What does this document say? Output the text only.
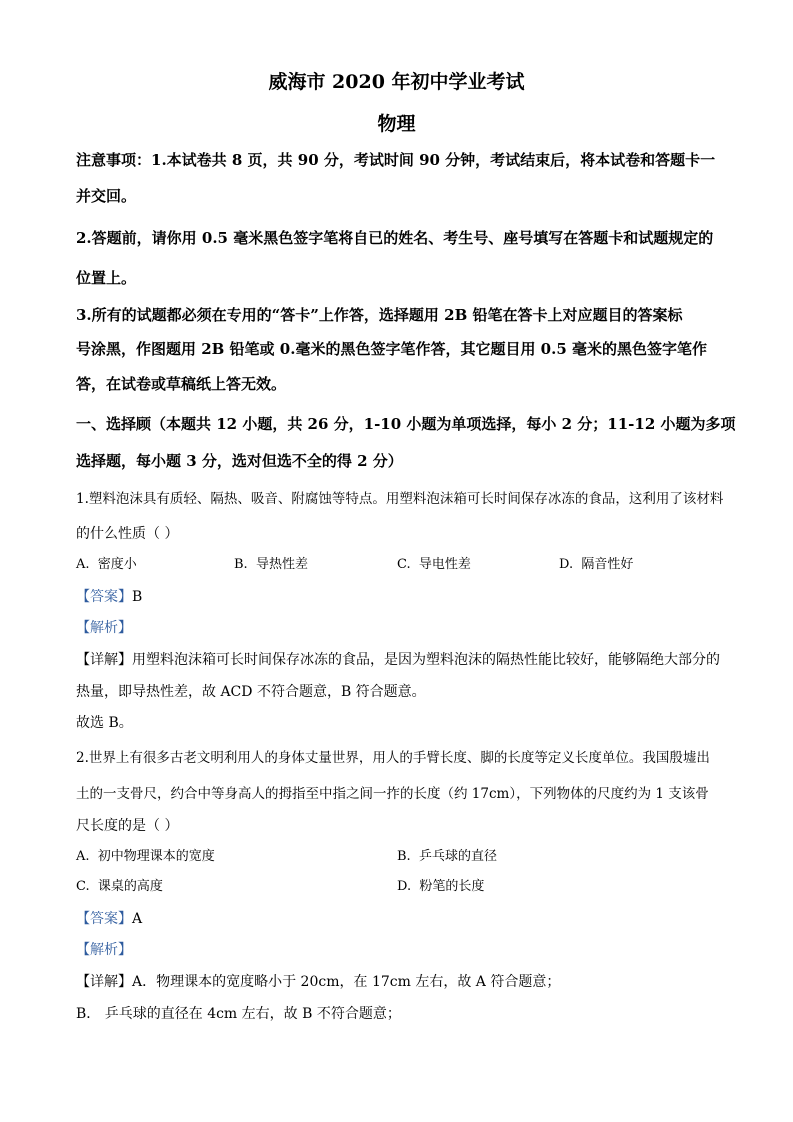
威海市 2020 年初中学业考试
物理
注意事项：1.本试卷共 8 页，共 90 分，考试时间 90 分钟，考试结束后，将本试卷和答题卡一
并交回。
2.答题前，请你用 0.5 毫米黑色签字笔将自已的姓名、考生号、座号填写在答题卡和试题规定的
位置上。
3.所有的试题都必须在专用的“答卡”上作答，选择题用 2B 铅笔在答卡上对应题目的答案标
号涂黑，作图题用 2B 铅笔或 0.毫米的黑色签字笔作答，其它题目用 0.5 毫米的黑色签字笔作
答，在试卷或草稿纸上答无效。
一、选择顾（本题共 12 小题，共 26 分，1-10 小题为单项选择，每小 2 分；11-12 小题为多项
选择题，每小题 3 分，选对但选不全的得 2 分）
1.塑料泡沫具有质轻、隔热、吸音、附腐蚀等特点。用塑料泡沫箱可长时间保存冰冻的食品，这利用了该材料
的什么性质（ ）
A. 密度小	B. 导热性差	C. 导电性差	D. 隔音性好
【答案】B
【解析】
【详解】用塑料泡沫箱可长时间保存冰冻的食品，是因为塑料泡沫的隔热性能比较好，能够隔绝大部分的
热量，即导热性差，故 ACD 不符合题意，B 符合题意。
故选 B。
2.世界上有很多古老文明利用人的身体丈量世界，用人的手臂长度、脚的长度等定义长度单位。我国殷墟出
土的一支骨尺，约合中等身高人的拇指至中指之间一拃的长度（约 17cm），下列物体的尺度约为 1 支该骨
尺长度的是（ ）
A. 初中物理课本的宽度	B. 乒乓球的直径
C. 课桌的高度	D. 粉笔的长度
【答案】A
【解析】
【详解】A．物理课本的宽度略小于 20cm，在 17cm 左右，故 A 符合题意；
B． 乒乓球的直径在 4cm 左右，故 B 不符合题意；
